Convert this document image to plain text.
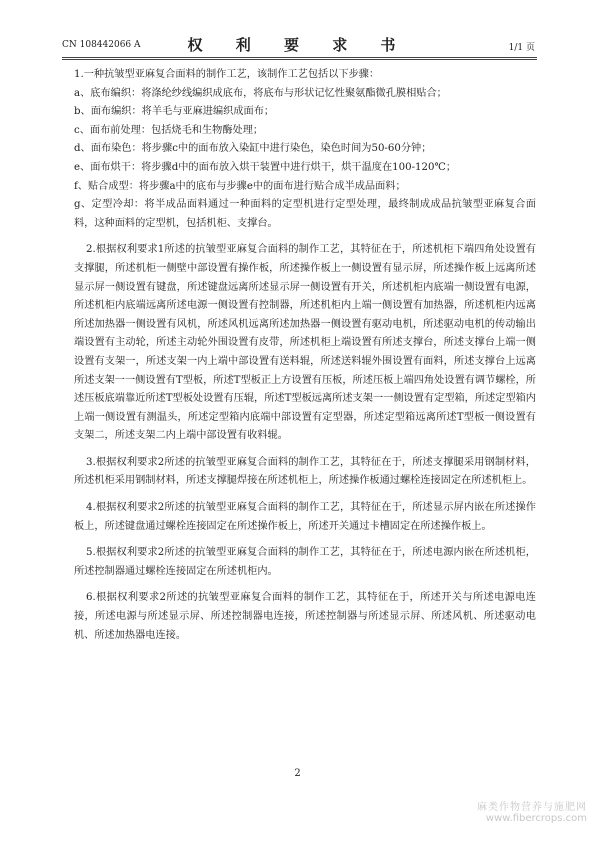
CN 108442066 A	权 利 要 求 书	1/1 页

1.一种抗皱型亚麻复合面料的制作工艺，该制作工艺包括以下步骤：

a、底布编织：将涤纶纱线编织成底布，将底布与形状记忆性聚氨酯微孔膜相贴合；

b、面布编织：将羊毛与亚麻进编织成面布；

c、面布前处理：包括烧毛和生物酶处理；

d、面布染色：将步骤c中的面布放入染缸中进行染色，染色时间为50-60分钟；

e、面布烘干：将步骤d中的面布放入烘干装置中进行烘干，烘干温度在100-120℃；

f、贴合成型：将步骤a中的底布与步骤e中的面布进行贴合成半成品面料；

g、定型冷却：将半成品面料通过一种面料的定型机进行定型处理，最终制成成品抗皱型亚麻复合面料，这种面料的定型机，包括机柜、支撑台。

2.根据权利要求1所述的抗皱型亚麻复合面料的制作工艺，其特征在于，所述机柜下端四角处设置有支撑腿，所述机柜一侧壁中部设置有操作板，所述操作板上一侧设置有显示屏，所述操作板上远离所述显示屏一侧设置有键盘，所述键盘远离所述显示屏一侧设置有开关，所述机柜内底端一侧设置有电源，所述机柜内底端远离所述电源一侧设置有控制器，所述机柜内上端一侧设置有加热器，所述机柜内远离所述加热器一侧设置有风机，所述风机远离所述加热器一侧设置有驱动电机，所述驱动电机的传动输出端设置有主动轮，所述主动轮外围设置有皮带，所述机柜上端设置有所述支撑台，所述支撑台上端一侧设置有支架一，所述支架一内上端中部设置有送料辊，所述送料辊外围设置有面料，所述支撑台上远离所述支架一一侧设置有T型板，所述T型板正上方设置有压板，所述压板上端四角处设置有调节螺栓，所述压板底端靠近所述T型板处设置有压辊，所述T型板远离所述支架一一侧设置有定型箱，所述定型箱内上端一侧设置有测温头，所述定型箱内底端中部设置有定型器，所述定型箱远离所述T型板一侧设置有支架二，所述支架二内上端中部设置有收料辊。

3.根据权利要求2所述的抗皱型亚麻复合面料的制作工艺，其特征在于，所述支撑腿采用钢制材料，所述机柜采用钢制材料，所述支撑腿焊接在所述机柜上，所述操作板通过螺栓连接固定在所述机柜上。

4.根据权利要求2所述的抗皱型亚麻复合面料的制作工艺，其特征在于，所述显示屏内嵌在所述操作板上，所述键盘通过螺栓连接固定在所述操作板上，所述开关通过卡槽固定在所述操作板上。

5.根据权利要求2所述的抗皱型亚麻复合面料的制作工艺，其特征在于，所述电源内嵌在所述机柜，所述控制器通过螺栓连接固定在所述机柜内。

6.根据权利要求2所述的抗皱型亚麻复合面料的制作工艺，其特征在于，所述开关与所述电源电连接，所述电源与所述显示屏、所述控制器电连接，所述控制器与所述显示屏、所述风机、所述驱动电机、所述加热器电连接。

2
麻类作物营养与施肥网
www.fibercrops.com
